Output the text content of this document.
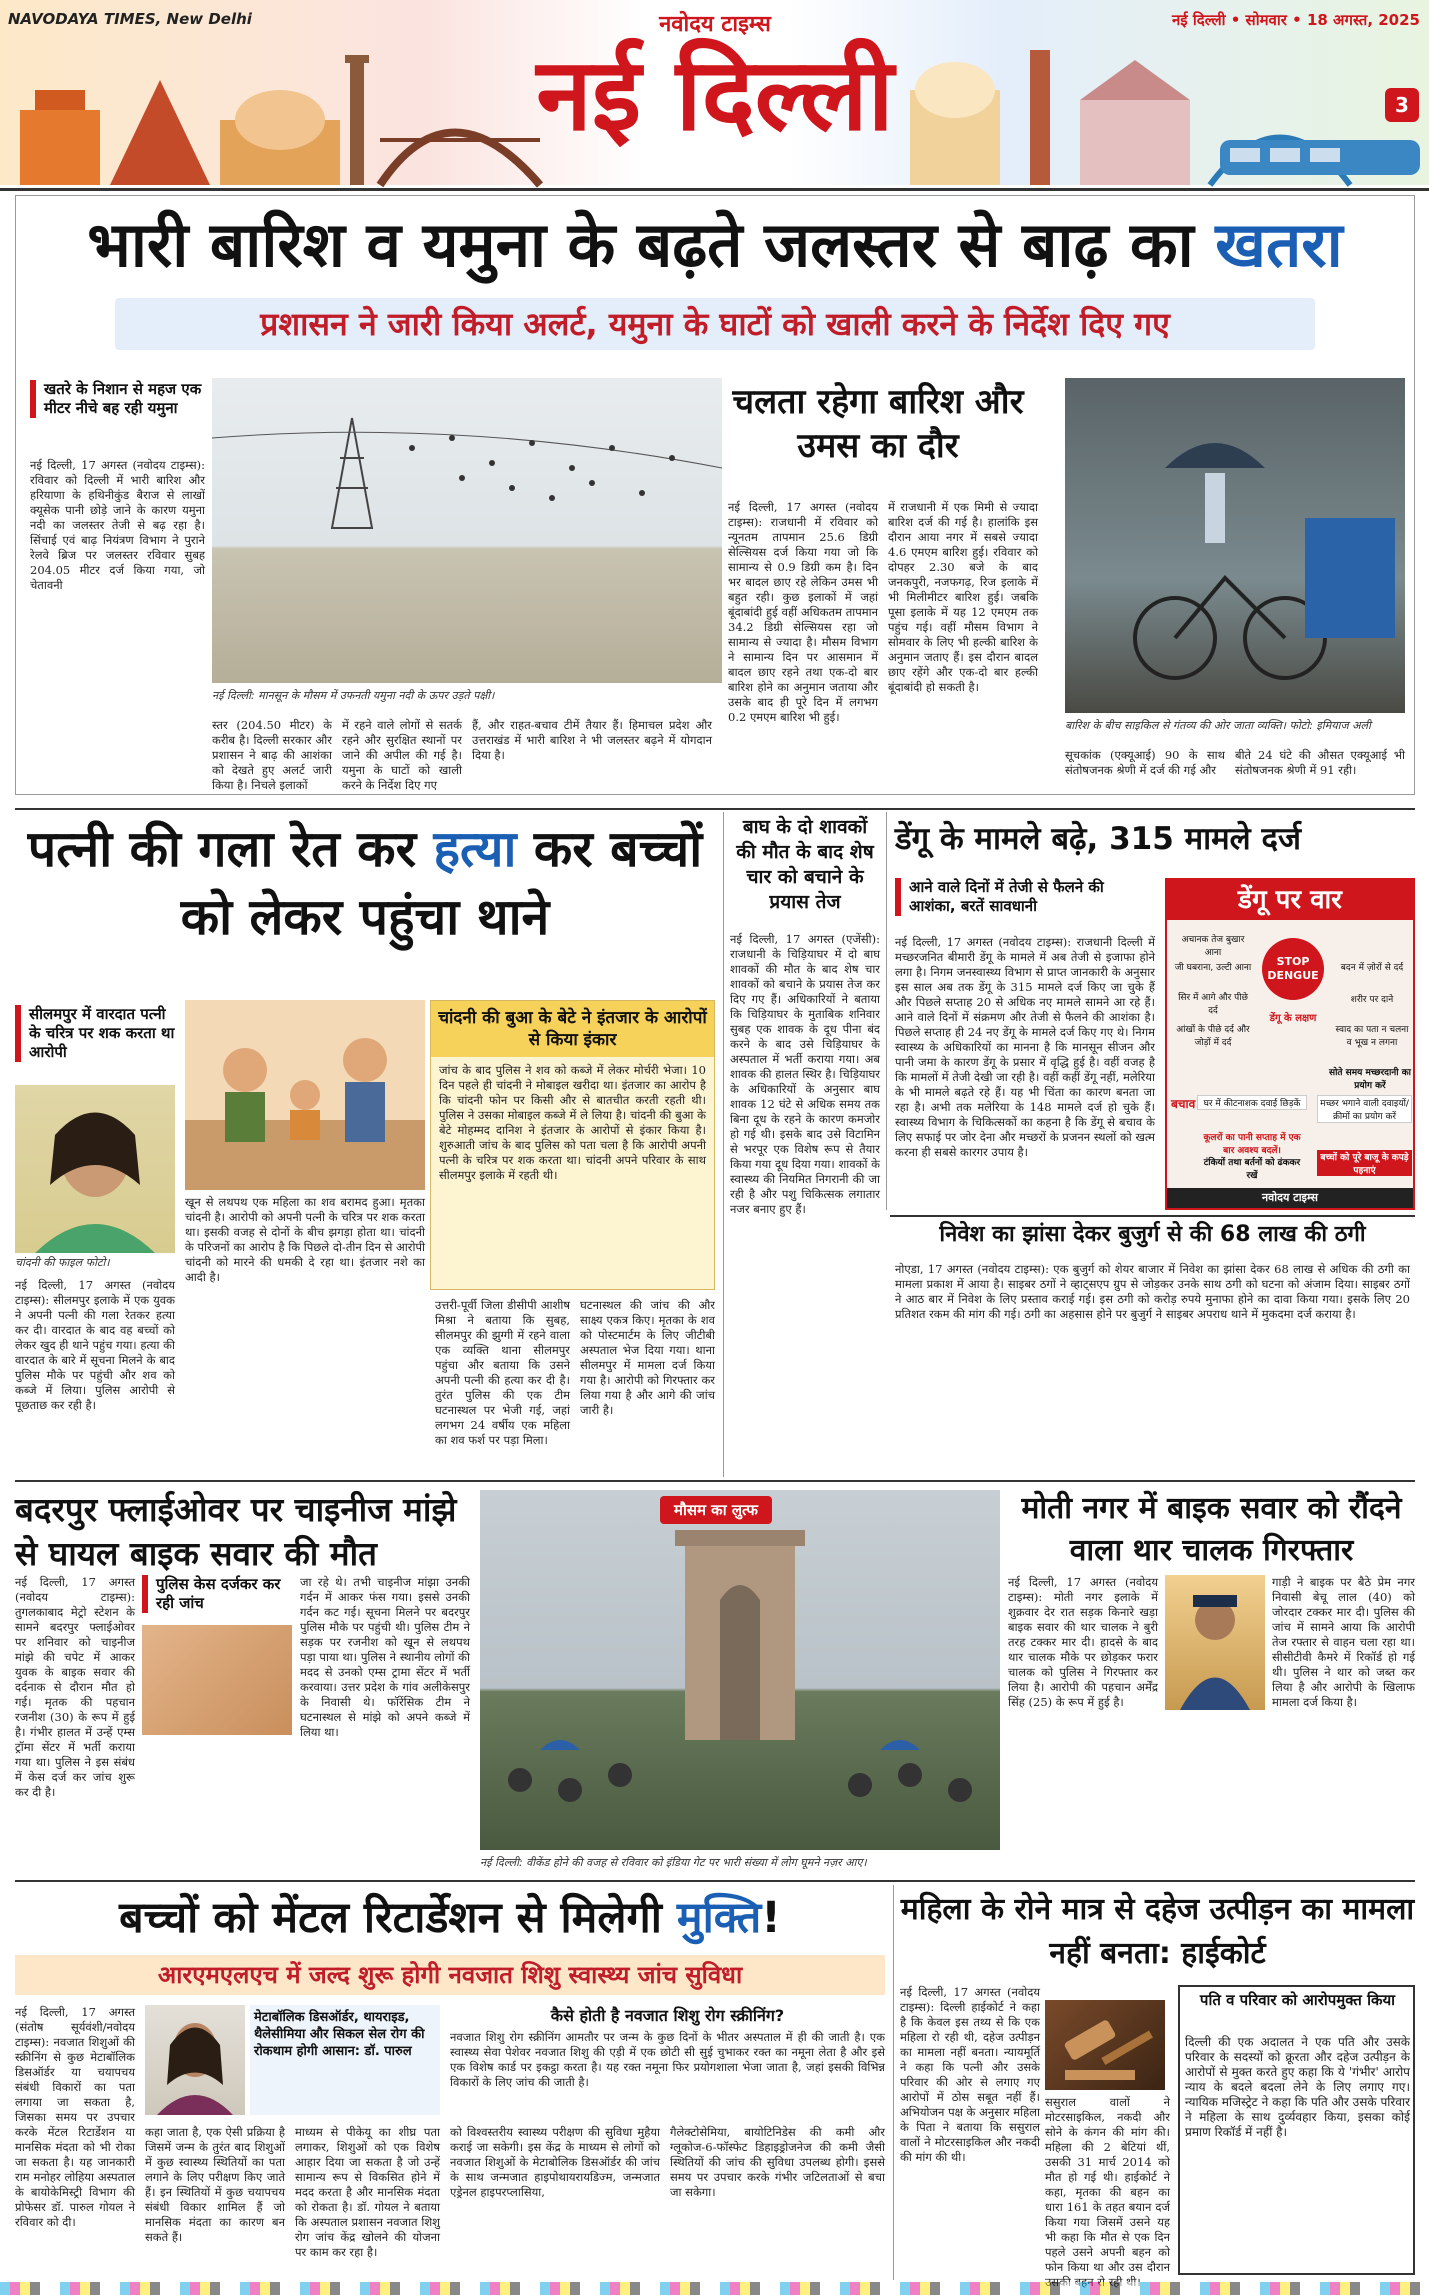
NAVODAYA TIMES, New Delhi	नवोदय टाइम्स
नई दिल्ली
नई दिल्ली • सोमवार • 18 अगस्त, 2025
3
भारी बारिश व यमुना के बढ़ते जलस्तर से बाढ़ का खतरा
प्रशासन ने जारी किया अलर्ट, यमुना के घाटों को खाली करने के निर्देश दिए गए
खतरे के निशान से महज एक मीटर नीचे बह रही यमुना
नई दिल्ली, 17 अगस्त (नवोदय टाइम्स): रविवार को दिल्ली में भारी बारिश और हरियाणा के हथिनीकुंड बैराज से लाखों क्यूसेक पानी छोड़े जाने के कारण यमुना नदी का जलस्तर तेजी से बढ़ रहा है। सिंचाई एवं बाढ़ नियंत्रण विभाग ने पुराने रेलवे ब्रिज पर जलस्तर रविवार सुबह 204.05 मीटर दर्ज किया गया, जो चेतावनी
नई दिल्ली: मानसून के मौसम में उफनती यमुना नदी के ऊपर उड़ते पक्षी।
स्तर (204.50 मीटर) के करीब है। दिल्ली सरकार और प्रशासन ने बाढ़ की आशंका को देखते हुए अलर्ट जारी किया है। निचले इलाकों
में रहने वाले लोगों से सतर्क रहने और सुरक्षित स्थानों पर जाने की अपील की गई है। यमुना के घाटों को खाली करने के निर्देश दिए गए
हैं, और राहत-बचाव टीमें तैयार हैं। हिमाचल प्रदेश और उत्तराखंड में भारी बारिश ने भी जलस्तर बढ़ने में योगदान दिया है।
चलता रहेगा बारिश और उमस का दौर
नई दिल्ली, 17 अगस्त (नवोदय टाइम्स): राजधानी में रविवार को न्यूनतम तापमान 25.6 डिग्री सेल्सियस दर्ज किया गया जो कि सामान्य से 0.9 डिग्री कम है। दिन भर बादल छाए रहे लेकिन उमस भी बहुत रही। कुछ इलाकों में जहां बूंदाबांदी हुई वहीं अधिकतम तापमान 34.2 डिग्री सेल्सियस रहा जो सामान्य से ज्यादा है। मौसम विभाग ने सामान्य दिन पर आसमान में बादल छाए रहने तथा एक-दो बार बारिश होने का अनुमान जताया और उसके बाद ही पूरे दिन में लगभग 0.2 एमएम बारिश भी हुई।
में राजधानी में एक मिमी से ज्यादा बारिश दर्ज की गई है। हालांकि इस दौरान आया नगर में सबसे ज्यादा 4.6 एमएम बारिश हुई। रविवार को दोपहर 2.30 बजे के बाद जनकपुरी, नजफगढ़, रिज इलाके में भी मिलीमीटर बारिश हुई। जबकि पूसा इलाके में यह 12 एमएम तक पहुंच गई। वहीं मौसम विभाग ने सोमवार के लिए भी हल्की बारिश के अनुमान जताए हैं। इस दौरान बादल छाए रहेंगे और एक-दो बार हल्की बूंदाबांदी हो सकती है।
बारिश के बीच साइकिल से गंतव्य की ओर जाता व्यक्ति। फोटो: इमियाज अली
सूचकांक (एक्यूआई) 90 के साथ संतोषजनक श्रेणी में दर्ज की गई और
बीते 24 घंटे की औसत एक्यूआई भी संतोषजनक श्रेणी में 91 रही।
पत्नी की गला रेत कर हत्या कर बच्चों को लेकर पहुंचा थाने
सीलमपुर में वारदात पत्नी के चरित्र पर शक करता था आरोपी
चांदनी की फाइल फोटो।
नई दिल्ली, 17 अगस्त (नवोदय टाइम्स): सीलमपुर इलाके में एक युवक ने अपनी पत्नी की गला रेतकर हत्या कर दी। वारदात के बाद वह बच्चों को लेकर खुद ही थाने पहुंच गया। हत्या की वारदात के बारे में सूचना मिलने के बाद पुलिस मौके पर पहुंची और शव को कब्जे में लिया। पुलिस आरोपी से पूछताछ कर रही है।
चांदनी की बुआ के बेटे ने इंतजार के आरोपों से किया इंकार
जांच के बाद पुलिस ने शव को कब्जे में लेकर मोर्चरी भेजा। 10 दिन पहले ही चांदनी ने मोबाइल खरीदा था। इंतजार का आरोप है कि चांदनी फोन पर किसी और से बातचीत करती रहती थी। पुलिस ने उसका मोबाइल कब्जे में ले लिया है। चांदनी की बुआ के बेटे मोहम्मद दानिश ने इंतजार के आरोपों से इंकार किया है। शुरुआती जांच के बाद पुलिस को पता चला है कि आरोपी अपनी पत्नी के चरित्र पर शक करता था। चांदनी अपने परिवार के साथ सीलमपुर इलाके में रहती थी।
खून से लथपथ एक महिला का शव बरामद हुआ। मृतका चांदनी है। आरोपी को अपनी पत्नी के चरित्र पर शक करता था। इसकी वजह से दोनों के बीच झगड़ा होता था। चांदनी के परिजनों का आरोप है कि पिछले दो-तीन दिन से आरोपी चांदनी को मारने की धमकी दे रहा था। इंतजार नशे का आदी है।
उत्तरी-पूर्वी जिला डीसीपी आशीष मिश्रा ने बताया कि सुबह, सीलमपुर की झुग्गी में रहने वाला एक व्यक्ति थाना सीलमपुर पहुंचा और बताया कि उसने अपनी पत्नी की हत्या कर दी है। तुरंत पुलिस की एक टीम घटनास्थल पर भेजी गई, जहां लगभग 24 वर्षीय एक महिला का शव फर्श पर पड़ा मिला।
घटनास्थल की जांच की और साक्ष्य एकत्र किए। मृतका के शव को पोस्टमार्टम के लिए जीटीबी अस्पताल भेज दिया गया। थाना सीलमपुर में मामला दर्ज किया गया है। आरोपी को गिरफ्तार कर लिया गया है और आगे की जांच जारी है।
बाघ के दो शावकों की मौत के बाद शेष चार को बचाने के प्रयास तेज
नई दिल्ली, 17 अगस्त (एजेंसी): राजधानी के चिड़ियाघर में दो बाघ शावकों की मौत के बाद शेष चार शावकों को बचाने के प्रयास तेज कर दिए गए हैं। अधिकारियों ने बताया कि चिड़ियाघर के मुताबिक शनिवार सुबह एक शावक के दूध पीना बंद करने के बाद उसे चिड़ियाघर के अस्पताल में भर्ती कराया गया। अब शावक की हालत स्थिर है। चिड़ियाघर के अधिकारियों के अनुसार बाघ शावक 12 घंटे से अधिक समय तक बिना दूध के रहने के कारण कमजोर हो गई थी। इसके बाद उसे विटामिन से भरपूर एक विशेष रूप से तैयार किया गया दूध दिया गया। शावकों के स्वास्थ्य की नियमित निगरानी की जा रही है और पशु चिकित्सक लगातार नजर बनाए हुए हैं।
डेंगू के मामले बढ़े, 315 मामले दर्ज
आने वाले दिनों में तेजी से फैलने की आशंका, बरतें सावधानी
नई दिल्ली, 17 अगस्त (नवोदय टाइम्स): राजधानी दिल्ली में मच्छरजनित बीमारी डेंगू के मामले में अब तेजी से इजाफा होने लगा है। निगम जनस्वास्थ्य विभाग से प्राप्त जानकारी के अनुसार इस साल अब तक डेंगू के 315 मामले दर्ज किए जा चुके हैं और पिछले सप्ताह 20 से अधिक नए मामले सामने आ रहे हैं। आने वाले दिनों में संक्रमण और तेजी से फैलने की आशंका है। पिछले सप्ताह ही 24 नए डेंगू के मामले दर्ज किए गए थे। निगम स्वास्थ्य के अधिकारियों का मानना है कि मानसून सीजन और पानी जमा के कारण डेंगू के प्रसार में वृद्धि हुई है। वहीं वजह है कि मामलों में तेजी देखी जा रही है। वहीं कहीं डेंगू नहीं, मलेरिया के भी मामले बढ़ते रहे हैं। यह भी चिंता का कारण बनता जा रहा है। अभी तक मलेरिया के 148 मामले दर्ज हो चुके हैं। स्वास्थ्य विभाग के चिकित्सकों का कहना है कि डेंगू से बचाव के लिए सफाई पर जोर देना और मच्छरों के प्रजनन स्थलों को खत्म करना ही सबसे कारगर उपाय है।
डेंगू पर वार
STOP DENGUE
अचानक तेज बुखार आना
जी घबराना, उल्टी आना
सिर में आगे और पीछे दर्द
आंखों के पीछे दर्द और जोड़ों में दर्द
बदन में ज़ोरों से दर्द
शरीर पर दाने
स्वाद का पता न चलना व भूख न लगना
डेंगू के लक्षण
सोते समय मच्छरदानी का प्रयोग करें
बचाव घर में कीटनाशक दवाई छिड़कें	मच्छर भगाने वाली दवाइयों/क्रीमों का प्रयोग करें
कूलरों का पानी सप्ताह में एक बार अवश्य बदलें।
टंकियों तथा बर्तनों को ढंककर रखें
बच्चों को पूरे बाजू के कपड़े पहनाएं
नवोदय टाइम्स
निवेश का झांसा देकर बुजुर्ग से की 68 लाख की ठगी
नोएडा, 17 अगस्त (नवोदय टाइम्स): एक बुजुर्ग को शेयर बाजार में निवेश का झांसा देकर 68 लाख से अधिक की ठगी का मामला प्रकाश में आया है। साइबर ठगों ने व्हाट्सएप ग्रुप से जोड़कर उनके साथ ठगी को घटना को अंजाम दिया। साइबर ठगों ने आठ बार में निवेश के लिए प्रस्ताव कराई गई। इस ठगी को करोड़ रुपये मुनाफा होने का दावा किया गया। इसके लिए 20 प्रतिशत रकम की मांग की गई। ठगी का अहसास होने पर बुजुर्ग ने साइबर अपराध थाने में मुकदमा दर्ज कराया है।
बदरपुर फ्लाईओवर पर चाइनीज मांझे से घायल बाइक सवार की मौत
नई दिल्ली, 17 अगस्त (नवोदय टाइम्स): तुगलकाबाद मेट्रो स्टेशन के सामने बदरपुर फ्लाईओवर पर शनिवार को चाइनीज मांझे की चपेट में आकर युवक के बाइक सवार की दर्दनाक से दौरान मौत हो गई। मृतक की पहचान रजनीश (30) के रूप में हुई है। गंभीर हालत में उन्हें एम्स ट्रॉमा सेंटर में भर्ती कराया गया था। पुलिस ने इस संबंध में केस दर्ज कर जांच शुरू कर दी है।
पुलिस केस दर्जकर कर रही जांच
जा रहे थे। तभी चाइनीज मांझा उनकी गर्दन में आकर फंस गया। इससे उनकी गर्दन कट गई। सूचना मिलने पर बदरपुर पुलिस मौके पर पहुंची थी। पुलिस टीम ने सड़क पर रजनीश को खून से लथपथ पड़ा पाया था। पुलिस ने स्थानीय लोगों की मदद से उनको एम्स ट्रामा सेंटर में भर्ती करवाया। उत्तर प्रदेश के गांव अलीकेसपुर के निवासी थे। फॉरेंसिक टीम ने घटनास्थल से मांझे को अपने कब्जे में लिया था।
मौसम का लुत्फ
नई दिल्ली: वीकेंड होने की वजह से रविवार को इंडिया गेट पर भारी संख्या में लोग घूमने नज़र आए।
मोती नगर में बाइक सवार को रौंदने वाला थार चालक गिरफ्तार
नई दिल्ली, 17 अगस्त (नवोदय टाइम्स): मोती नगर इलाके में शुक्रवार देर रात सड़क किनारे खड़ा बाइक सवार की थार चालक ने बुरी तरह टक्कर मार दी। हादसे के बाद थार चालक मौके पर छोड़कर फरार चालक को पुलिस ने गिरफ्तार कर लिया है। आरोपी की पहचान अर्मेंद्र सिंह (25) के रूप में हुई है।
गाड़ी ने बाइक पर बैठे प्रेम नगर निवासी बेचू लाल (40) को जोरदार टक्कर मार दी। पुलिस की जांच में सामने आया कि आरोपी तेज रफ्तार से वाहन चला रहा था। सीसीटीवी कैमरे में रिकॉर्ड हो गई थी। पुलिस ने थार को जब्त कर लिया है और आरोपी के खिलाफ मामला दर्ज किया है।
बच्चों को मेंटल रिटार्डेशन से मिलेगी मुक्ति!
आरएमएलएच में जल्द शुरू होगी नवजात शिशु स्वास्थ्य जांच सुविधा
नई दिल्ली, 17 अगस्त (संतोष सूर्यवंशी/नवोदय टाइम्स): नवजात शिशुओं की स्क्रीनिंग से कुछ मेटाबॉलिक डिसऑर्डर या चयापचय संबंधी विकारों का पता लगाया जा सकता है, जिसका समय पर उपचार करके मेंटल रिटार्डेशन या मानसिक मंदता को भी रोका जा सकता है। यह जानकारी राम मनोहर लोहिया अस्पताल के बायोकेमिस्ट्री विभाग की प्रोफेसर डॉ. पारुल गोयल ने रविवार को दी।
मेटाबॉलिक डिसऑर्डर, थायराइड, थैलेसीमिया और सिकल सेल रोग की रोकथाम होगी आसान: डॉ. पारुल
कहा जाता है, एक ऐसी प्रक्रिया है जिसमें जन्म के तुरंत बाद शिशुओं में कुछ स्वास्थ्य स्थितियों का पता लगाने के लिए परीक्षण किए जाते हैं। इन स्थितियों में कुछ चयापचय संबंधी विकार शामिल हैं जो मानसिक मंदता का कारण बन सकते हैं।
माध्यम से पीकेयू का शीघ्र पता लगाकर, शिशुओं को एक विशेष आहार दिया जा सकता है जो उन्हें सामान्य रूप से विकसित होने में मदद करता है और मानसिक मंदता को रोकता है। डॉ. गोयल ने बताया कि अस्पताल प्रशासन नवजात शिशु रोग जांच केंद्र खोलने की योजना पर काम कर रहा है।
कैसे होती है नवजात शिशु रोग स्क्रीनिंग?
नवजात शिशु रोग स्क्रीनिंग आमतौर पर जन्म के कुछ दिनों के भीतर अस्पताल में ही की जाती है। एक स्वास्थ्य सेवा पेशेवर नवजात शिशु की एड़ी में एक छोटी सी सुई चुभाकर रक्त का नमूना लेता है और इसे एक विशेष कार्ड पर इकट्ठा करता है। यह रक्त नमूना फिर प्रयोगशाला भेजा जाता है, जहां इसकी विभिन्न विकारों के लिए जांच की जाती है।
को विश्वस्तरीय स्वास्थ्य परीक्षण की सुविधा मुहैया कराई जा सकेगी। इस केंद्र के माध्यम से लोगों को नवजात शिशुओं के मेटाबोलिक डिसऑर्डर की जांच के साथ जन्मजात हाइपोथायरायडिज्म, जन्मजात एड्रेनल हाइपरप्लासिया,
गैलेक्टोसेमिया, बायोटिनिडेस की कमी और ग्लूकोज-6-फॉस्फेट डिहाइड्रोजनेज की कमी जैसी स्थितियों की जांच की सुविधा उपलब्ध होगी। इससे समय पर उपचार करके गंभीर जटिलताओं से बचा जा सकेगा।
महिला के रोने मात्र से दहेज उत्पीड़न का मामला नहीं बनता: हाईकोर्ट
नई दिल्ली, 17 अगस्त (नवोदय टाइम्स): दिल्ली हाईकोर्ट ने कहा है कि केवल इस तथ्य से कि एक महिला रो रही थी, दहेज उत्पीड़न का मामला नहीं बनता। न्यायमूर्ति ने कहा कि पत्नी और उसके परिवार की ओर से लगाए गए आरोपों में ठोस सबूत नहीं हैं। अभियोजन पक्ष के अनुसार महिला के पिता ने बताया कि ससुराल वालों ने मोटरसाइकिल और नकदी की मांग की थी।
ससुराल वालों ने मोटरसाइकिल, नकदी और सोने के कंगन की मांग की। महिला की 2 बेटियां थीं, उसकी 31 मार्च 2014 को मौत हो गई थी। हाईकोर्ट ने कहा, मृतका की बहन का धारा 161 के तहत बयान दर्ज किया गया जिसमें उसने यह भी कहा कि मौत से एक दिन पहले उसने अपनी बहन को फोन किया था और उस दौरान
पति व परिवार को आरोपमुक्त किया
दिल्ली की एक अदालत ने एक पति और उसके परिवार के सदस्यों को क्रूरता और दहेज उत्पीड़न के आरोपों से मुक्त करते हुए कहा कि ये 'गंभीर' आरोप न्याय के बदले बदला लेने के लिए लगाए गए। न्यायिक मजिस्ट्रेट ने कहा कि पति और उसके परिवार ने महिला के साथ दुर्व्यवहार किया, इसका कोई प्रमाण रिकॉर्ड में नहीं है।
